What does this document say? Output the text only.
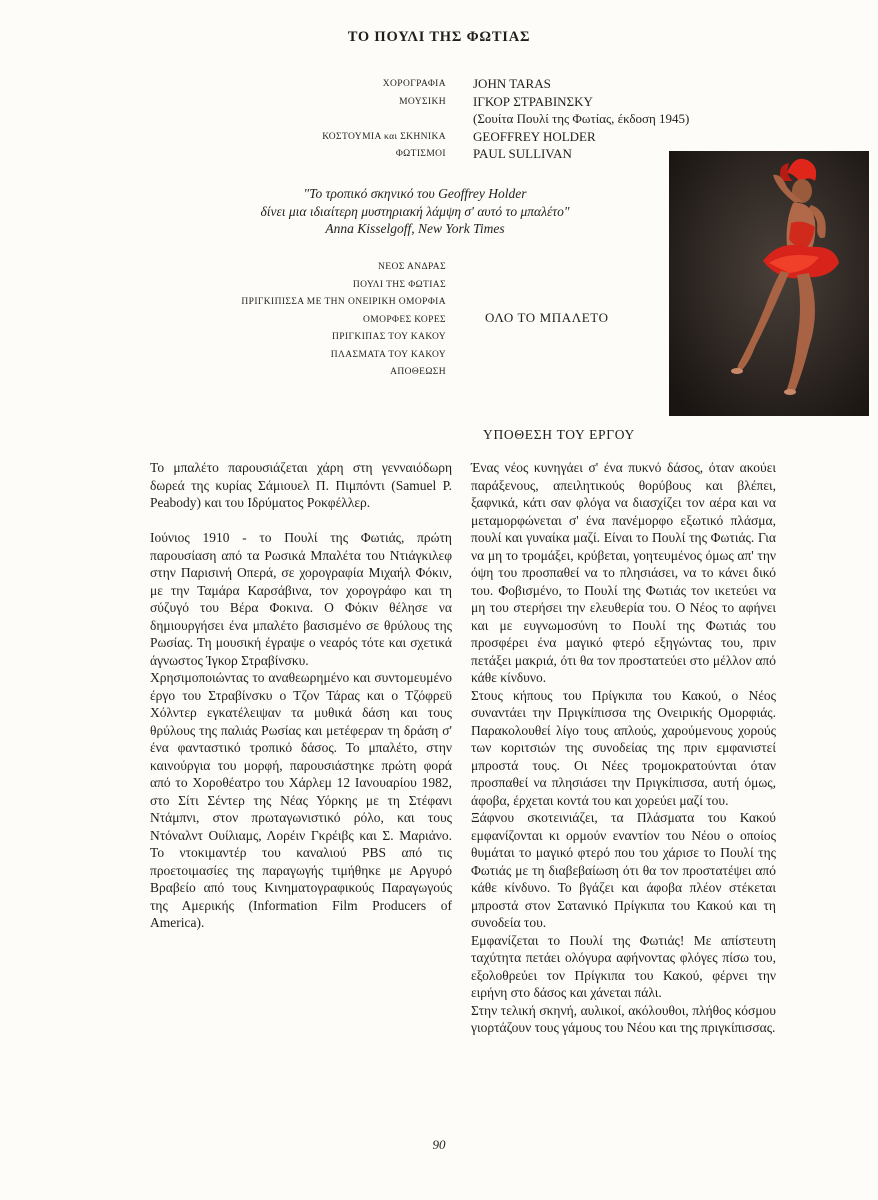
ΤΟ ΠΟΥΛΙ ΤΗΣ ΦΩΤΙΑΣ
ΧΟΡΟΓΡΑΦΙΑ JOHN TARAS
ΜΟΥΣΙΚΗ ΙΓΚΟΡ ΣΤΡΑΒΙΝΣΚΥ
(Σουίτα Πουλί της Φωτίας, έκδοση 1945)
ΚΟΣΤΟΥΜΙΑ και ΣΚΗΝΙΚΑ GEOFFREY HOLDER
ΦΩΤΙΣΜΟΙ PAUL SULLIVAN
"Το τροπικό σκηνικό του Geoffrey Holder
δίνει μια ιδιαίτερη μυστηριακή λάμψη σ' αυτό το μπαλέτο"
Anna Kisselgoff, New York Times
ΝΕΟΣ ΑΝΔΡΑΣ
ΠΟΥΛΙ ΤΗΣ ΦΩΤΙΑΣ
ΠΡΙΓΚΙΠΙΣΣΑ ΜΕ ΤΗΝ ΟΝΕΙΡΙΚΗ ΟΜΟΡΦΙΑ
ΟΜΟΡΦΕΣ ΚΟΡΕΣ
ΠΡΙΓΚΙΠΑΣ ΤΟΥ ΚΑΚΟΥ
ΠΛΑΣΜΑΤΑ ΤΟΥ ΚΑΚΟΥ
ΑΠΟΘΕΩΣΗ
ΟΛΟ ΤΟ ΜΠΑΛΕΤΟ
ΥΠΟΘΕΣΗ ΤΟΥ ΕΡΓΟΥ

Το μπαλέτο παρουσιάζεται χάρη στη γενναιόδωρη δωρεά της κυρίας Σάμιουελ Π. Πιμπόντι (Samuel P. Peabody) και του Ιδρύματος Ροκφέλλερ.

Ιούνιος 1910 - το Πουλί της Φωτιάς, πρώτη παρουσίαση από τα Ρωσικά Μπαλέτα του Ντιάγκιλεφ στην Παρισινή Οπερά, σε χορογραφία Μιχαήλ Φόκιν, με την Ταμάρα Καρσάβινα, τον χορογράφο και τη σύζυγό του Βέρα Φοκινα. Ο Φόκιν θέλησε να δημιουργήσει ένα μπαλέτο βασισμένο σε θρύλους της Ρωσίας. Τη μουσική έγραψε ο νεαρός τότε και σχετικά άγνωστος Ίγκορ Στραβίνσκυ.

Χρησιμοποιώντας το αναθεωρημένο και συντομευμένο έργο του Στραβίνσκυ ο Τζον Τάρας και ο Τζόφρεϋ Χόλντερ εγκατέλειψαν τα μυθικά δάση και τους θρύλους της παλιάς Ρωσίας και μετέφεραν τη δράση σ' ένα φανταστικό τροπικό δάσος. Το μπαλέτο, στην καινούργια του μορφή, παρουσιάστηκε πρώτη φορά από το Χοροθέατρο του Χάρλεμ 12 Ιανουαρίου 1982, στο Σίτι Σέντερ της Νέας Υόρκης με τη Στέφανι Ντάμπνι, στον πρωταγωνιστικό ρόλο, και τους Ντόναλντ Ουίλιαμς, Λορέιν Γκρέιβς και Σ. Μαριάνο. Το ντοκιμαντέρ του καναλιού PBS από τις προετοιμασίες της παραγωγής τιμήθηκε με Αργυρό Βραβείο από τους Κινηματογραφικούς Παραγωγούς της Αμερικής (Information Film Producers of America).

Ένας νέος κυνηγάει σ' ένα πυκνό δάσος, όταν ακούει παράξενους, απειλητικούς θορύβους και βλέπει, ξαφνικά, κάτι σαν φλόγα να διασχίζει τον αέρα και να μεταμορφώνεται σ' ένα πανέμορφο εξωτικό πλάσμα, πουλί και γυναίκα μαζί. Είναι το Πουλί της Φωτιάς. Για να μη το τρομάξει, κρύβεται, γοητευμένος όμως απ' την όψη του προσπαθεί να το πλησιάσει, να το κάνει δικό του. Φοβισμένο, το Πουλί της Φωτιάς τον ικετεύει να μη του στερήσει την ελευθερία του. Ο Νέος το αφήνει και με ευγνωμοσύνη το Πουλί της Φωτιάς του προσφέρει ένα μαγικό φτερό εξηγώντας του, πριν πετάξει μακριά, ότι θα τον προστατεύει στο μέλλον από κάθε κίνδυνο.

Στους κήπους του Πρίγκιπα του Κακού, ο Νέος συναντάει την Πριγκίπισσα της Ονειρικής Ομορφιάς. Παρακολουθεί λίγο τους απλούς, χαρούμενους χορούς των κοριτσιών της συνοδείας της πριν εμφανιστεί μπροστά τους. Οι Νέες τρομοκρατούνται όταν προσπαθεί να πλησιάσει την Πριγκίπισσα, αυτή όμως, άφοβα, έρχεται κοντά του και χορεύει μαζί του.

Ξάφνου σκοτεινιάζει, τα Πλάσματα του Κακού εμφανίζονται κι ορμούν εναντίον του Νέου ο οποίος θυμάται το μαγικό φτερό που του χάρισε το Πουλί της Φωτιάς με τη διαβεβαίωση ότι θα τον προστατέψει από κάθε κίνδυνο. Το βγάζει και άφοβα πλέον στέκεται μπροστά στον Σατανικό Πρίγκιπα του Κακού και τη συνοδεία του.

Εμφανίζεται το Πουλί της Φωτιάς! Με απίστευτη ταχύτητα πετάει ολόγυρα αφήνοντας φλόγες πίσω του, εξολοθρεύει τον Πρίγκιπα του Κακού, φέρνει την ειρήνη στο δάσος και χάνεται πάλι.

Στην τελική σκηνή, αυλικοί, ακόλουθοι, πλήθος κόσμου γιορτάζουν τους γάμους του Νέου και της πριγκίπισσας.

90
